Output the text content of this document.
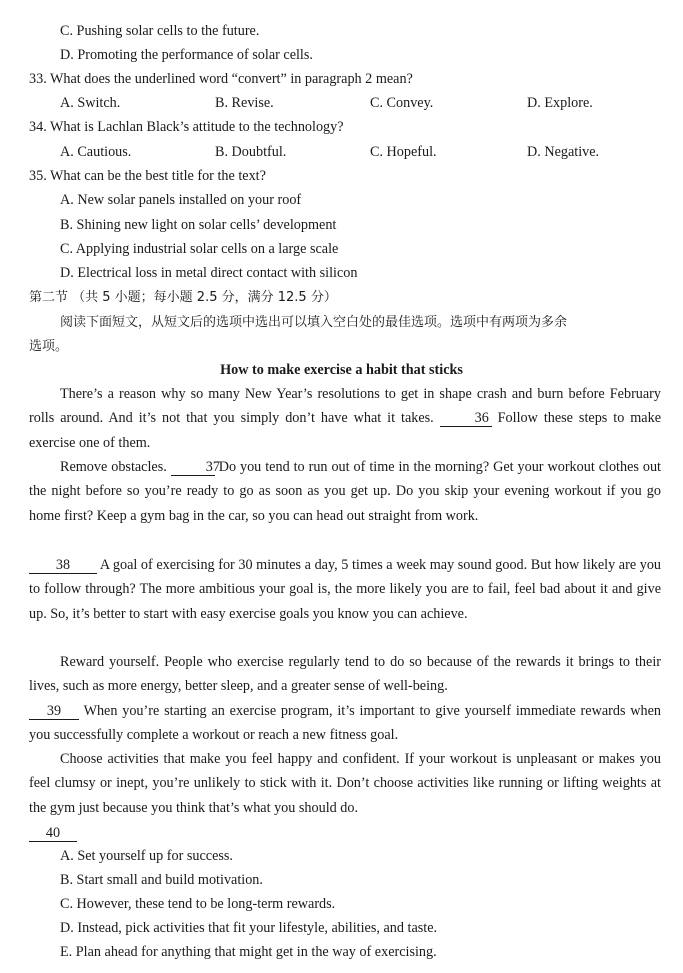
C. Pushing solar cells to the future.
D. Promoting the performance of solar cells.
33. What does the underlined word “convert” in paragraph 2 mean?
A. Switch.	B. Revise.	C. Convey.	D. Explore.
34. What is Lachlan Black’s attitude to the technology?
A. Cautious.	B. Doubtful.	C. Hopeful.	D. Negative.
35. What can be the best title for the text?
A. New solar panels installed on your roof
B. Shining new light on solar cells’ development
C. Applying industrial solar cells on a large scale
D. Electrical loss in metal direct contact with silicon
第二节 （共 5 小题；每小题 2.5 分，满分 12.5 分）
阅读下面短文，从短文后的选项中选出可以填入空白处的最佳选项。选项中有两项为多余
选项。
How to make exercise a habit that sticks
There’s a reason why so many New Year’s resolutions to get in shape crash and burn before February rolls around. And it’s not that you simply don’t have what it takes.	36 Follow these steps to make exercise one of them.
Remove obstacles.	37 Do you tend to run out of time in the morning? Get your workout clothes out the night before so you’re ready to go as soon as you get up. Do you skip your evening workout if you go home first? Keep a gym bag in the car, so you can head out straight from work.
38 A goal of exercising for 30 minutes a day, 5 times a week may sound good. But how likely are you to follow through? The more ambitious your goal is, the more likely you are to fail, feel bad about it and give up. So, it’s better to start with easy exercise goals you know you can achieve.
Reward yourself. People who exercise regularly tend to do so because of the rewards it brings to their lives, such as more energy, better sleep, and a greater sense of well-being.
39 When you’re starting an exercise program, it’s important to give yourself immediate rewards when you successfully complete a workout or reach a new fitness goal.
Choose activities that make you feel happy and confident. If your workout is unpleasant or makes you feel clumsy or inept, you’re unlikely to stick with it. Don’t choose activities like running or lifting weights at the gym just because you think that’s what you should do.
40
A. Set yourself up for success.
B. Start small and build motivation.
C. However, these tend to be long-term rewards.
D. Instead, pick activities that fit your lifestyle, abilities, and taste.
E. Plan ahead for anything that might get in the way of exercising.
